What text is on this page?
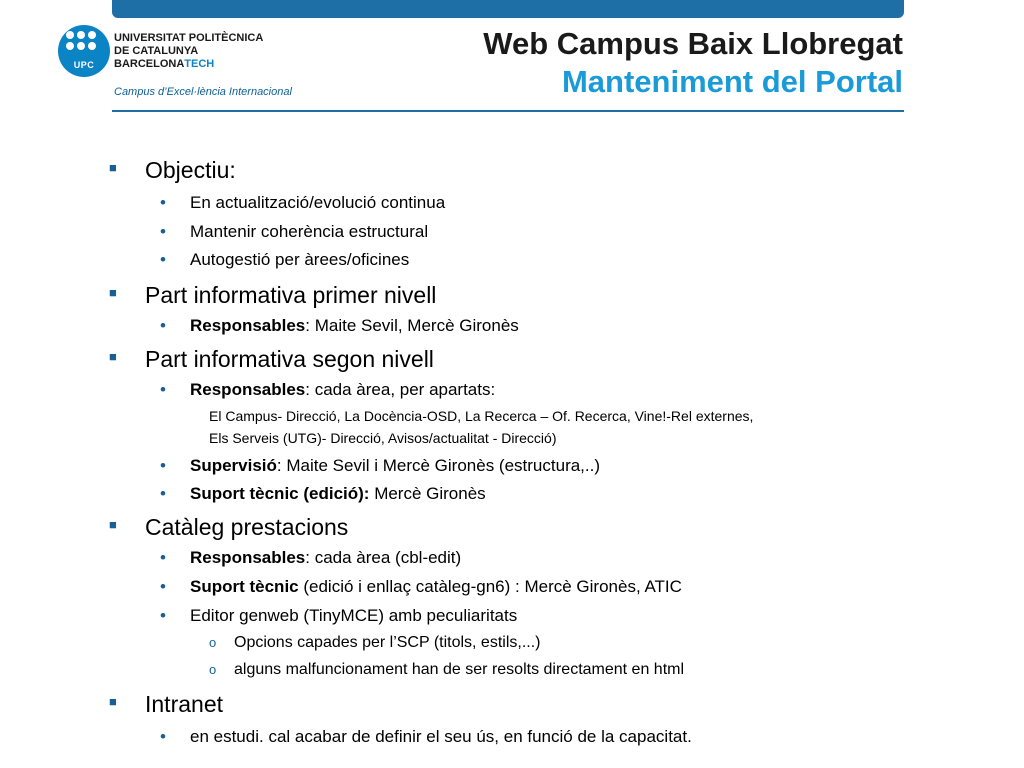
UPC
UNIVERSITAT POLITÈCNICA
DE CATALUNYA
BARCELONATECH
Campus d’Excel·lència Internacional
Web Campus Baix Llobregat
Manteniment del Portal
■ Objectiu:
• En actualització/evolució continua
• Mantenir coherència estructural
• Autogestió per àrees/oficines
■ Part informativa primer nivell
• Responsables: Maite Sevil, Mercè Gironès
■ Part informativa segon nivell
• Responsables: cada àrea, per apartats:
El Campus- Direcció, La Docència-OSD, La Recerca – Of. Recerca, Vine!-Rel externes,
Els Serveis (UTG)- Direcció, Avisos/actualitat - Direcció)
• Supervisió: Maite Sevil i Mercè Gironès (estructura,..)
• Suport tècnic (edició): Mercè Gironès
■ Catàleg prestacions
• Responsables: cada àrea (cbl-edit)
• Suport tècnic (edició i enllaç catàleg-gn6) : Mercè Gironès, ATIC
• Editor genweb (TinyMCE) amb peculiaritats
o Opcions capades per l’SCP (titols, estils,...)
o alguns malfuncionament han de ser resolts directament en html
■ Intranet
• en estudi. cal acabar de definir el seu ús, en funció de la capacitat.
